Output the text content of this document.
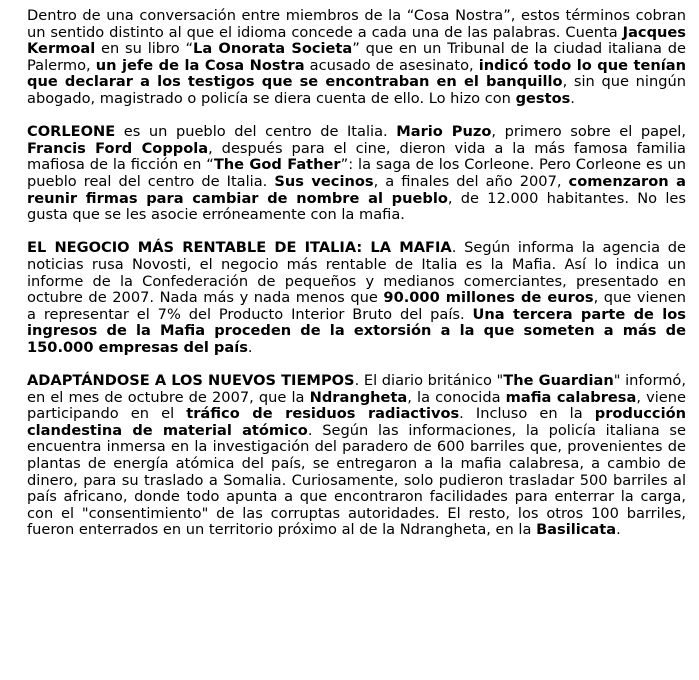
Dentro de una conversación entre miembros de la “Cosa Nostra”, estos términos cobran un sentido distinto al que el idioma concede a cada una de las palabras. Cuenta Jacques Kermoal en su libro “La Onorata Societa” que en un Tribunal de la ciudad italiana de Palermo, un jefe de la Cosa Nostra acusado de asesinato, indicó todo lo que tenían que declarar a los testigos que se encontraban en el banquillo, sin que ningún abogado, magistrado o policía se diera cuenta de ello. Lo hizo con gestos.

CORLEONE es un pueblo del centro de Italia. Mario Puzo, primero sobre el papel, Francis Ford Coppola, después para el cine, dieron vida a la más famosa familia mafiosa de la ficción en “The God Father”: la saga de los Corleone. Pero Corleone es un pueblo real del centro de Italia. Sus vecinos, a finales del año 2007, comenzaron a reunir firmas para cambiar de nombre al pueblo, de 12.000 habitantes. No les gusta que se les asocie erróneamente con la mafia.

EL NEGOCIO MÁS RENTABLE DE ITALIA: LA MAFIA. Según informa la agencia de noticias rusa Novosti, el negocio más rentable de Italia es la Mafia. Así lo indica un informe de la Confederación de pequeños y medianos comerciantes, presentado en octubre de 2007. Nada más y nada menos que 90.000 millones de euros, que vienen a representar el 7% del Producto Interior Bruto del país. Una tercera parte de los ingresos de la Mafia proceden de la extorsión a la que someten a más de 150.000 empresas del país.

ADAPTÁNDOSE A LOS NUEVOS TIEMPOS. El diario británico "The Guardian" informó, en el mes de octubre de 2007, que la Ndrangheta, la conocida mafia calabresa, viene participando en el tráfico de residuos radiactivos. Incluso en la producción clandestina de material atómico. Según las informaciones, la policía italiana se encuentra inmersa en la investigación del paradero de 600 barriles que, provenientes de plantas de energía atómica del país, se entregaron a la mafia calabresa, a cambio de dinero, para su traslado a Somalia. Curiosamente, solo pudieron trasladar 500 barriles al país africano, donde todo apunta a que encontraron facilidades para enterrar la carga, con el "consentimiento" de las corruptas autoridades. El resto, los otros 100 barriles, fueron enterrados en un territorio próximo al de la Ndrangheta, en la Basilicata.
